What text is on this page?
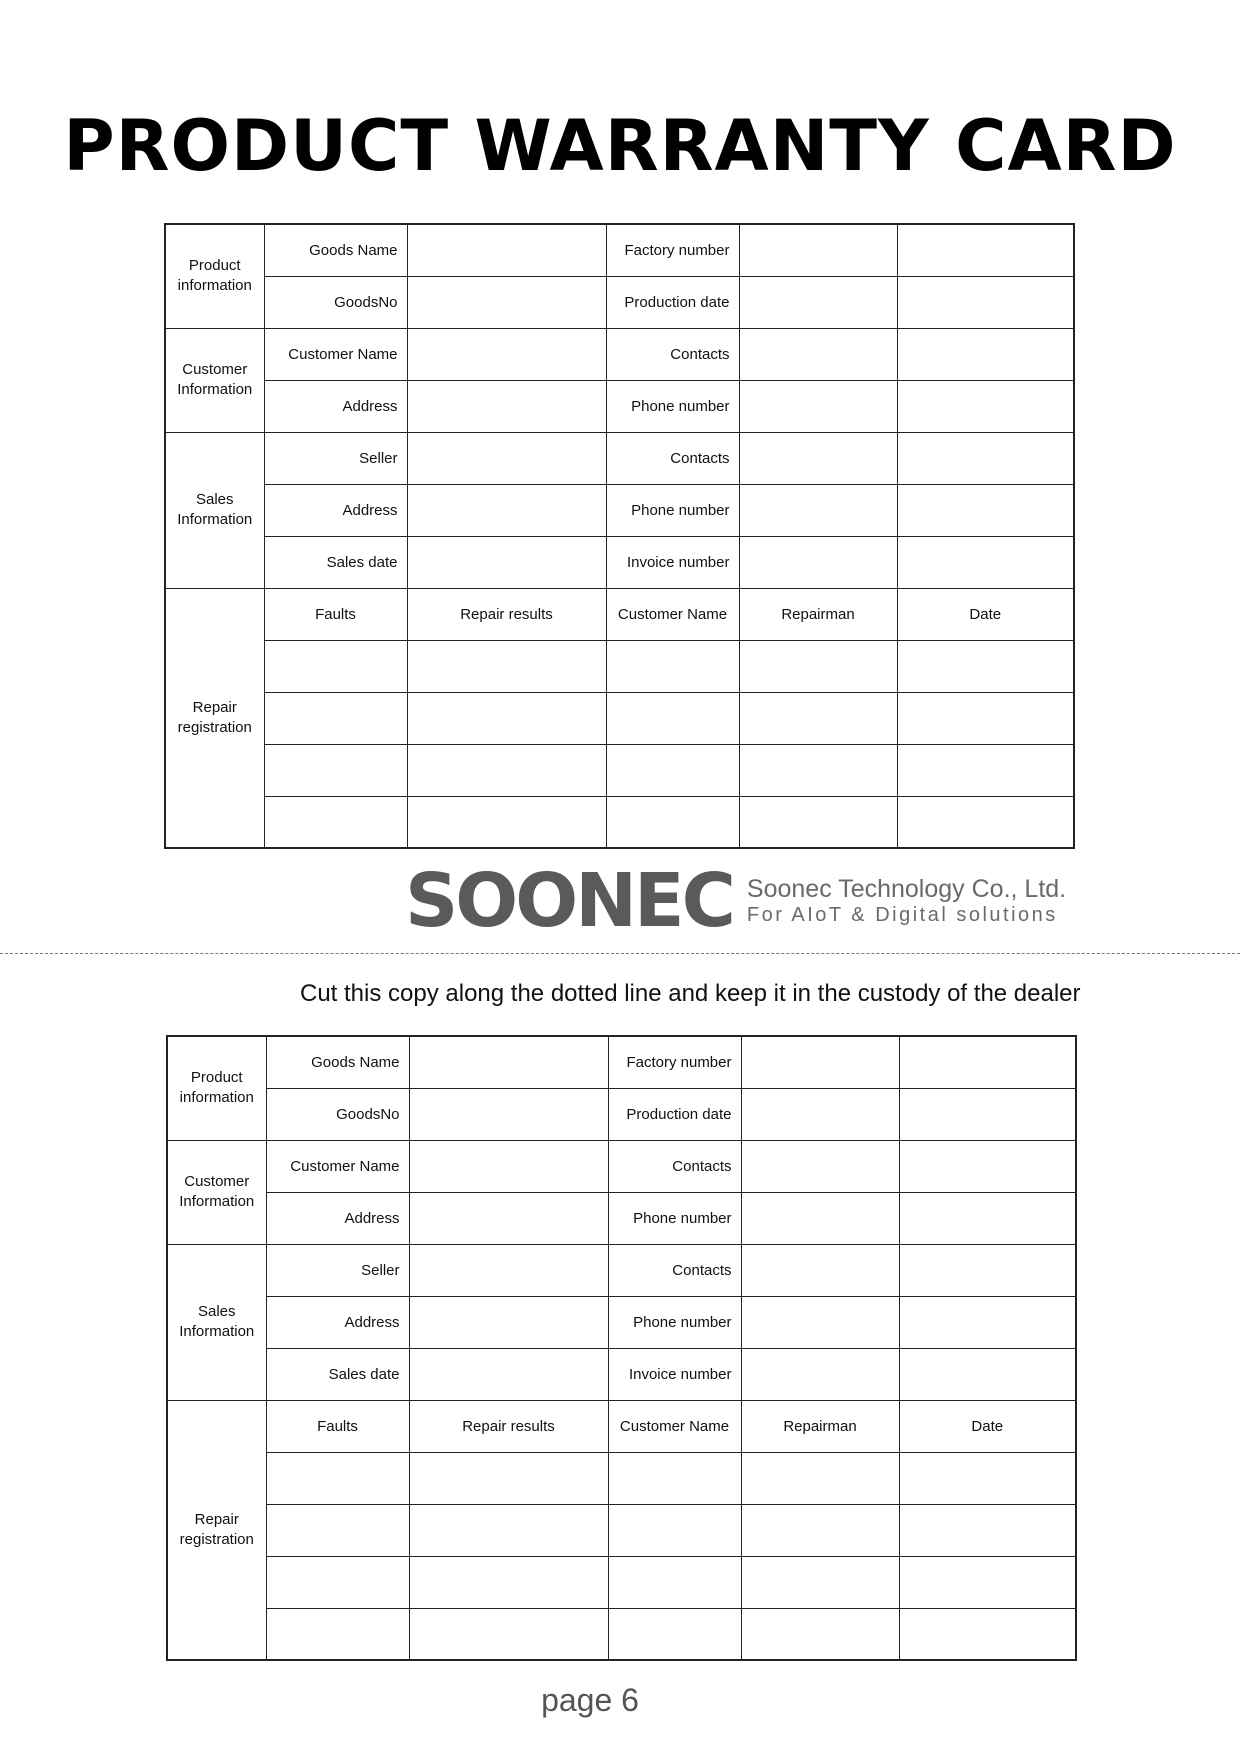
PRODUCT WARRANTY CARD
Product information	Goods Name		Factory number		
	GoodsNo		Production date		
Customer Information	Customer Name		Contacts		
	Address		Phone number		
Sales Information	Seller		Contacts		
	Address		Phone number		
	Sales date		Invoice number		
Repair registration	Faults	Repair results	Customer Name	Repairman	Date

SOONEC Soonec Technology Co., Ltd.
For AIoT & Digital solutions
Cut this copy along the dotted line and keep it in the custody of the dealer
Product information	Goods Name		Factory number		
	GoodsNo		Production date		
Customer Information	Customer Name		Contacts		
	Address		Phone number		
Sales Information	Seller		Contacts		
	Address		Phone number		
	Sales date		Invoice number		
Repair registration	Faults	Repair results	Customer Name	Repairman	Date

page 6
